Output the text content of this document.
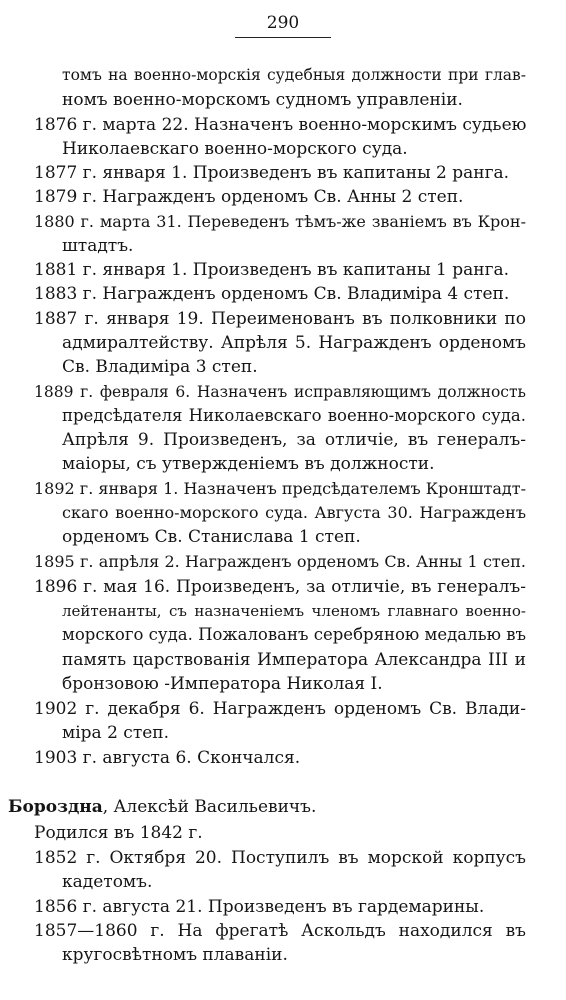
290
томъ на военно-морскія судебныя должности при глав-
номъ военно-морскомъ судномъ управленіи.
1876 г. марта 22. Назначенъ военно-морскимъ судьею
Николаевскаго военно-морского суда.
1877 г. января 1. Произведенъ въ капитаны 2 ранга.
1879 г. Награжденъ орденомъ Св. Анны 2 степ.
1880 г. марта 31. Переведенъ тѣмъ-же званіемъ въ Крон-
штадтъ.
1881 г. января 1. Произведенъ въ капитаны 1 ранга.
1883 г. Награжденъ орденомъ Св. Владиміра 4 степ.
1887 г. января 19. Переименованъ въ полковники по
адмиралтейству. Апрѣля 5. Награжденъ орденомъ
Св. Владиміра 3 степ.
1889 г. февраля 6. Назначенъ исправляющимъ должность
предсѣдателя Николаевскаго военно-морского суда.
Апрѣля 9. Произведенъ, за отличіе, въ генералъ-
маіоры, съ утвержденіемъ въ должности.
1892 г. января 1. Назначенъ предсѣдателемъ Кронштадт-
скаго военно-морского суда. Августа 30. Награжденъ
орденомъ Св. Станислава 1 степ.
1895 г. апрѣля 2. Награжденъ орденомъ Св. Анны 1 степ.
1896 г. мая 16. Произведенъ, за отличіе, въ генералъ-
лейтенанты, съ назначеніемъ членомъ главнаго военно-
морского суда. Пожалованъ серебряною медалью въ
память царствованія Императора Александра III и
бронзовою -Императора Николая I.
1902 г. декабря 6. Награжденъ орденомъ Св. Влади-
міра 2 степ.
1903 г. августа 6. Скончался.
Бороздна, Алексѣй Васильевичъ.
Родился въ 1842 г.
1852 г. Октября 20. Поступилъ въ морской корпусъ
кадетомъ.
1856 г. августа 21. Произведенъ въ гардемарины.
1857—1860 г. На фрегатѣ Аскольдъ находился въ
кругосвѣтномъ плаваніи.
